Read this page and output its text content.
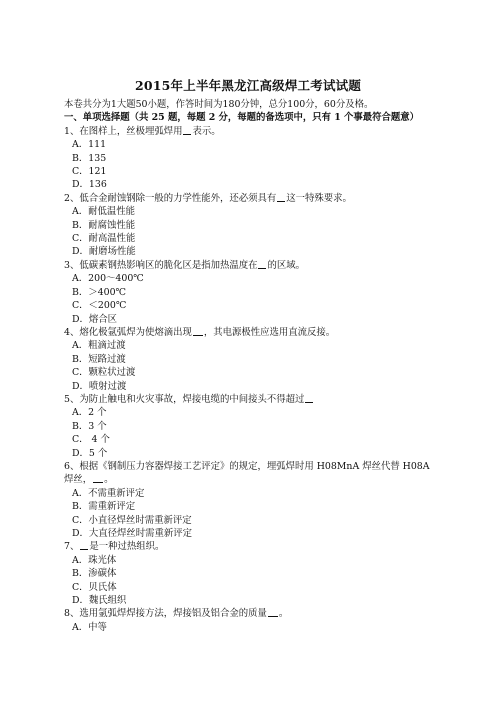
2015年上半年黑龙江高级焊工考试试题

本卷共分为1大题50小题，作答时间为180分钟，总分100分，60分及格。

一、单项选择题（共 25 题，每题 2 分，每题的备选项中，只有 1 个事最符合题意）

1、在图样上，丝极埋弧焊用 表示。

A．111

B．135

C．121

D．136

2、低合金耐蚀钢除一般的力学性能外，还必须具有 这一特殊要求。

A．耐低温性能

B．耐腐蚀性能

C．耐高温性能

D．耐磨场性能

3、低碳素钢热影响区的脆化区是指加热温度在 的区域。

A．200～400℃

B．＞400℃

C．＜200℃

D．熔合区

4、熔化极氩弧焊为使熔滴出现 ，其电源极性应选用直流反接。

A．粗滴过渡

B．短路过渡

C．颗粒状过渡

D．喷射过渡

5、为防止触电和火灾事故，焊接电缆的中间接头不得超过

A．2 个

B．3 个

C． 4 个

D．5 个

6、根据《钢制压力容器焊接工艺评定》的规定，埋弧焊时用 H08MnA 焊丝代替 H08A 焊丝， 。

A．不需重新评定

B．需重新评定

C．小直径焊丝时需重新评定

D．大直径焊丝时需重新评定

7、 是一种过热组织。

A．珠光体

B．渗碳体

C．贝氏体

D．魏氏组织

8、选用氩弧焊焊接方法，焊接铝及铝合金的质量 。

A．中等
